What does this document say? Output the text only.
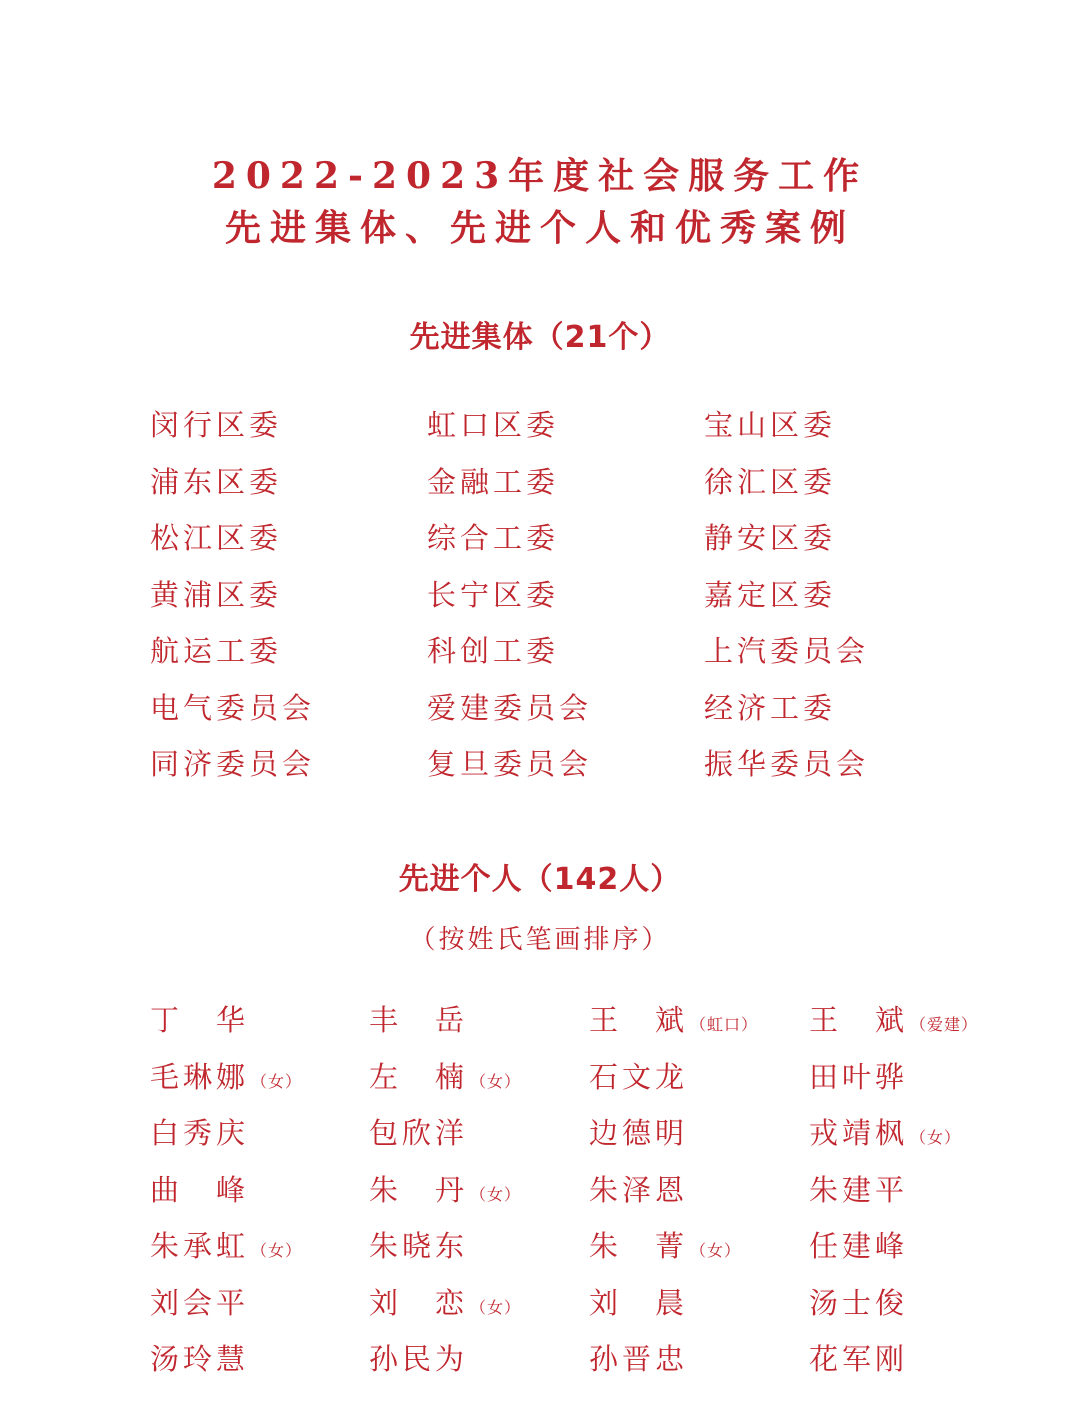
2022-2023年度社会服务工作
先进集体、先进个人和优秀案例
先进集体（21个）
闵行区委	虹口区委	宝山区委
浦东区委	金融工委	徐汇区委
松江区委	综合工委	静安区委
黄浦区委	长宁区委	嘉定区委
航运工委	科创工委	上汽委员会
电气委员会	爱建委员会	经济工委
同济委员会	复旦委员会	振华委员会
先进个人（142人）
（按姓氏笔画排序）
丁　华	丰　岳	王　斌 （虹口）	王　斌 （爱建）
毛琳娜 （女）	左　楠 （女）	石文龙	田叶骅
白秀庆	包欣洋	边德明	戎靖枫 （女）
曲　峰	朱　丹 （女）	朱泽恩	朱建平
朱承虹 （女）	朱晓东	朱　菁 （女）	任建峰
刘会平	刘　恋 （女）	刘　晨	汤士俊
汤玲慧	孙民为	孙晋忠	花军刚
